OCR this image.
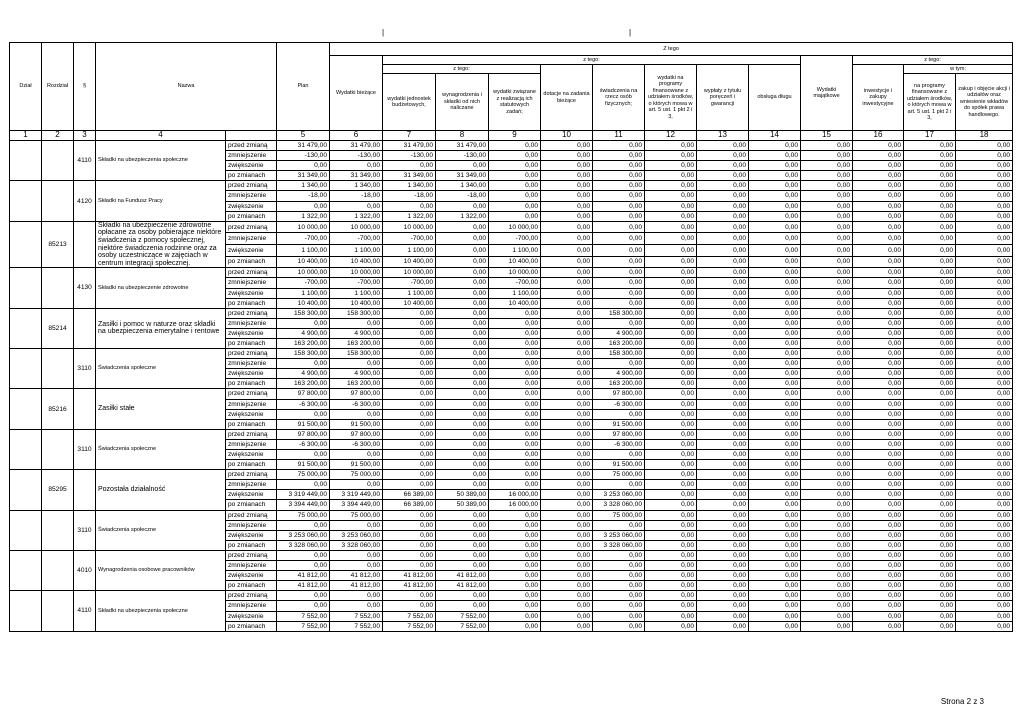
|	|
Dział	Rozdział	§	Nazwa		Plan	Z tego												
						Wydatki bieżące	z tego:								Wydatki majątkowe	z tego:		
							z tego:			dotacje na zadania bieżące	świadczenia na rzecz osób fizycznych;	wydatki na programy finansowane z udziałem środków, o których mowa w art. 5 ust. 1 pkt 2 i 3,	wypłaty z tytułu poręczeń i gwarancji	obsługa długu		inwestycje i zakupy inwestycyjne	w tym:	
							wydatki jednostek budżetowych,	wynagrodzenia i składki od nich naliczane	wydatki związane z realizacją ich statutowych zadań;								na programy finansowane z udziałem środków, o których mowa w art. 5 ust. 1 pkt 2 i 3,	zakup i objęcie akcji i udziałów oraz wniesienie wkładów do spółek prawa handlowego.
1	2	3	4		5	6	7	8	9	10	11	12	13	14	15	16	17	18
		4110	Składki na ubezpieczenia społeczne	przed zmianą	31 479,00	31 479,00	31 479,00	31 479,00	0,00	0,00	0,00	0,00	0,00	0,00	0,00	0,00	0,00	0,00
				zmniejszenie	-130,00	-130,00	-130,00	-130,00	0,00	0,00	0,00	0,00	0,00	0,00	0,00	0,00	0,00	0,00
				zwiększenie	0,00	0,00	0,00	0,00	0,00	0,00	0,00	0,00	0,00	0,00	0,00	0,00	0,00	0,00
				po zmianach	31 349,00	31 349,00	31 349,00	31 349,00	0,00	0,00	0,00	0,00	0,00	0,00	0,00	0,00	0,00	0,00
		4120	Składki na Fundusz Pracy	przed zmianą	1 340,00	1 340,00	1 340,00	1 340,00	0,00	0,00	0,00	0,00	0,00	0,00	0,00	0,00	0,00	0,00
				zmniejszenie	-18,00	-18,00	-18,00	-18,00	0,00	0,00	0,00	0,00	0,00	0,00	0,00	0,00	0,00	0,00
				zwiększenie	0,00	0,00	0,00	0,00	0,00	0,00	0,00	0,00	0,00	0,00	0,00	0,00	0,00	0,00
				po zmianach	1 322,00	1 322,00	1 322,00	1 322,00	0,00	0,00	0,00	0,00	0,00	0,00	0,00	0,00	0,00	0,00
	85213		Składki na ubezpieczenie zdrowotne opłacane za osoby pobierające niektóre świadczenia z pomocy społecznej, niektóre świadczenia rodzinne oraz za osoby uczestniczące w zajęciach w centrum integracji społecznej.	przed zmianą	10 000,00	10 000,00	10 000,00	0,00	10 000,00	0,00	0,00	0,00	0,00	0,00	0,00	0,00	0,00	0,00
				zmniejszenie	-700,00	-700,00	-700,00	0,00	-700,00	0,00	0,00	0,00	0,00	0,00	0,00	0,00	0,00	0,00
				zwiększenie	1 100,00	1 100,00	1 100,00	0,00	1 100,00	0,00	0,00	0,00	0,00	0,00	0,00	0,00	0,00	0,00
				po zmianach	10 400,00	10 400,00	10 400,00	0,00	10 400,00	0,00	0,00	0,00	0,00	0,00	0,00	0,00	0,00	0,00
		4130	Składki na ubezpieczenie zdrowotne	przed zmianą	10 000,00	10 000,00	10 000,00	0,00	10 000,00	0,00	0,00	0,00	0,00	0,00	0,00	0,00	0,00	0,00
				zmniejszenie	-700,00	-700,00	-700,00	0,00	-700,00	0,00	0,00	0,00	0,00	0,00	0,00	0,00	0,00	0,00
				zwiększenie	1 100,00	1 100,00	1 100,00	0,00	1 100,00	0,00	0,00	0,00	0,00	0,00	0,00	0,00	0,00	0,00
				po zmianach	10 400,00	10 400,00	10 400,00	0,00	10 400,00	0,00	0,00	0,00	0,00	0,00	0,00	0,00	0,00	0,00
	85214		Zasiłki i pomoc w naturze oraz składki na ubezpieczenia emerytalne i rentowe	przed zmianą	158 300,00	158 300,00	0,00	0,00	0,00	0,00	158 300,00	0,00	0,00	0,00	0,00	0,00	0,00	0,00
				zmniejszenie	0,00	0,00	0,00	0,00	0,00	0,00	0,00	0,00	0,00	0,00	0,00	0,00	0,00	0,00
				zwiększenie	4 900,00	4 900,00	0,00	0,00	0,00	0,00	4 900,00	0,00	0,00	0,00	0,00	0,00	0,00	0,00
				po zmianach	163 200,00	163 200,00	0,00	0,00	0,00	0,00	163 200,00	0,00	0,00	0,00	0,00	0,00	0,00	0,00
		3110	Świadczenia społeczne	przed zmianą	158 300,00	158 300,00	0,00	0,00	0,00	0,00	158 300,00	0,00	0,00	0,00	0,00	0,00	0,00	0,00
				zmniejszenie	0,00	0,00	0,00	0,00	0,00	0,00	0,00	0,00	0,00	0,00	0,00	0,00	0,00	0,00
				zwiększenie	4 900,00	4 900,00	0,00	0,00	0,00	0,00	4 900,00	0,00	0,00	0,00	0,00	0,00	0,00	0,00
				po zmianach	163 200,00	163 200,00	0,00	0,00	0,00	0,00	163 200,00	0,00	0,00	0,00	0,00	0,00	0,00	0,00
	85216		Zasiłki stałe	przed zmianą	97 800,00	97 800,00	0,00	0,00	0,00	0,00	97 800,00	0,00	0,00	0,00	0,00	0,00	0,00	0,00
				zmniejszenie	-6 300,00	-6 300,00	0,00	0,00	0,00	0,00	-6 300,00	0,00	0,00	0,00	0,00	0,00	0,00	0,00
				zwiększenie	0,00	0,00	0,00	0,00	0,00	0,00	0,00	0,00	0,00	0,00	0,00	0,00	0,00	0,00
				po zmianach	91 500,00	91 500,00	0,00	0,00	0,00	0,00	91 500,00	0,00	0,00	0,00	0,00	0,00	0,00	0,00
		3110	Świadczenia społeczne	przed zmianą	97 800,00	97 800,00	0,00	0,00	0,00	0,00	97 800,00	0,00	0,00	0,00	0,00	0,00	0,00	0,00
				zmniejszenie	-6 300,00	-6 300,00	0,00	0,00	0,00	0,00	-6 300,00	0,00	0,00	0,00	0,00	0,00	0,00	0,00
				zwiększenie	0,00	0,00	0,00	0,00	0,00	0,00	0,00	0,00	0,00	0,00	0,00	0,00	0,00	0,00
				po zmianach	91 500,00	91 500,00	0,00	0,00	0,00	0,00	91 500,00	0,00	0,00	0,00	0,00	0,00	0,00	0,00
	85295		Pozostała działalność	przed zmianą	75 000,00	75 000,00	0,00	0,00	0,00	0,00	75 000,00	0,00	0,00	0,00	0,00	0,00	0,00	0,00
				zmniejszenie	0,00	0,00	0,00	0,00	0,00	0,00	0,00	0,00	0,00	0,00	0,00	0,00	0,00	0,00
				zwiększenie	3 319 449,00	3 319 449,00	66 389,00	50 389,00	16 000,00	0,00	3 253 060,00	0,00	0,00	0,00	0,00	0,00	0,00	0,00
				po zmianach	3 394 449,00	3 394 449,00	66 389,00	50 389,00	16 000,00	0,00	3 328 060,00	0,00	0,00	0,00	0,00	0,00	0,00	0,00
		3110	Świadczenia społeczne	przed zmianą	75 000,00	75 000,00	0,00	0,00	0,00	0,00	75 000,00	0,00	0,00	0,00	0,00	0,00	0,00	0,00
				zmniejszenie	0,00	0,00	0,00	0,00	0,00	0,00	0,00	0,00	0,00	0,00	0,00	0,00	0,00	0,00
				zwiększenie	3 253 060,00	3 253 060,00	0,00	0,00	0,00	0,00	3 253 060,00	0,00	0,00	0,00	0,00	0,00	0,00	0,00
				po zmianach	3 328 060,00	3 328 060,00	0,00	0,00	0,00	0,00	3 328 060,00	0,00	0,00	0,00	0,00	0,00	0,00	0,00
		4010	Wynagrodzenia osobowe pracowników	przed zmianą	0,00	0,00	0,00	0,00	0,00	0,00	0,00	0,00	0,00	0,00	0,00	0,00	0,00	0,00
				zmniejszenie	0,00	0,00	0,00	0,00	0,00	0,00	0,00	0,00	0,00	0,00	0,00	0,00	0,00	0,00
				zwiększenie	41 812,00	41 812,00	41 812,00	41 812,00	0,00	0,00	0,00	0,00	0,00	0,00	0,00	0,00	0,00	0,00
				po zmianach	41 812,00	41 812,00	41 812,00	41 812,00	0,00	0,00	0,00	0,00	0,00	0,00	0,00	0,00	0,00	0,00
		4110	Składki na ubezpieczenia społeczne	przed zmianą	0,00	0,00	0,00	0,00	0,00	0,00	0,00	0,00	0,00	0,00	0,00	0,00	0,00	0,00
				zmniejszenie	0,00	0,00	0,00	0,00	0,00	0,00	0,00	0,00	0,00	0,00	0,00	0,00	0,00	0,00
				zwiększenie	7 552,00	7 552,00	7 552,00	7 552,00	0,00	0,00	0,00	0,00	0,00	0,00	0,00	0,00	0,00	0,00
				po zmianach	7 552,00	7 552,00	7 552,00	7 552,00	0,00	0,00	0,00	0,00	0,00	0,00	0,00	0,00	0,00	0,00
Strona 2 z 3
